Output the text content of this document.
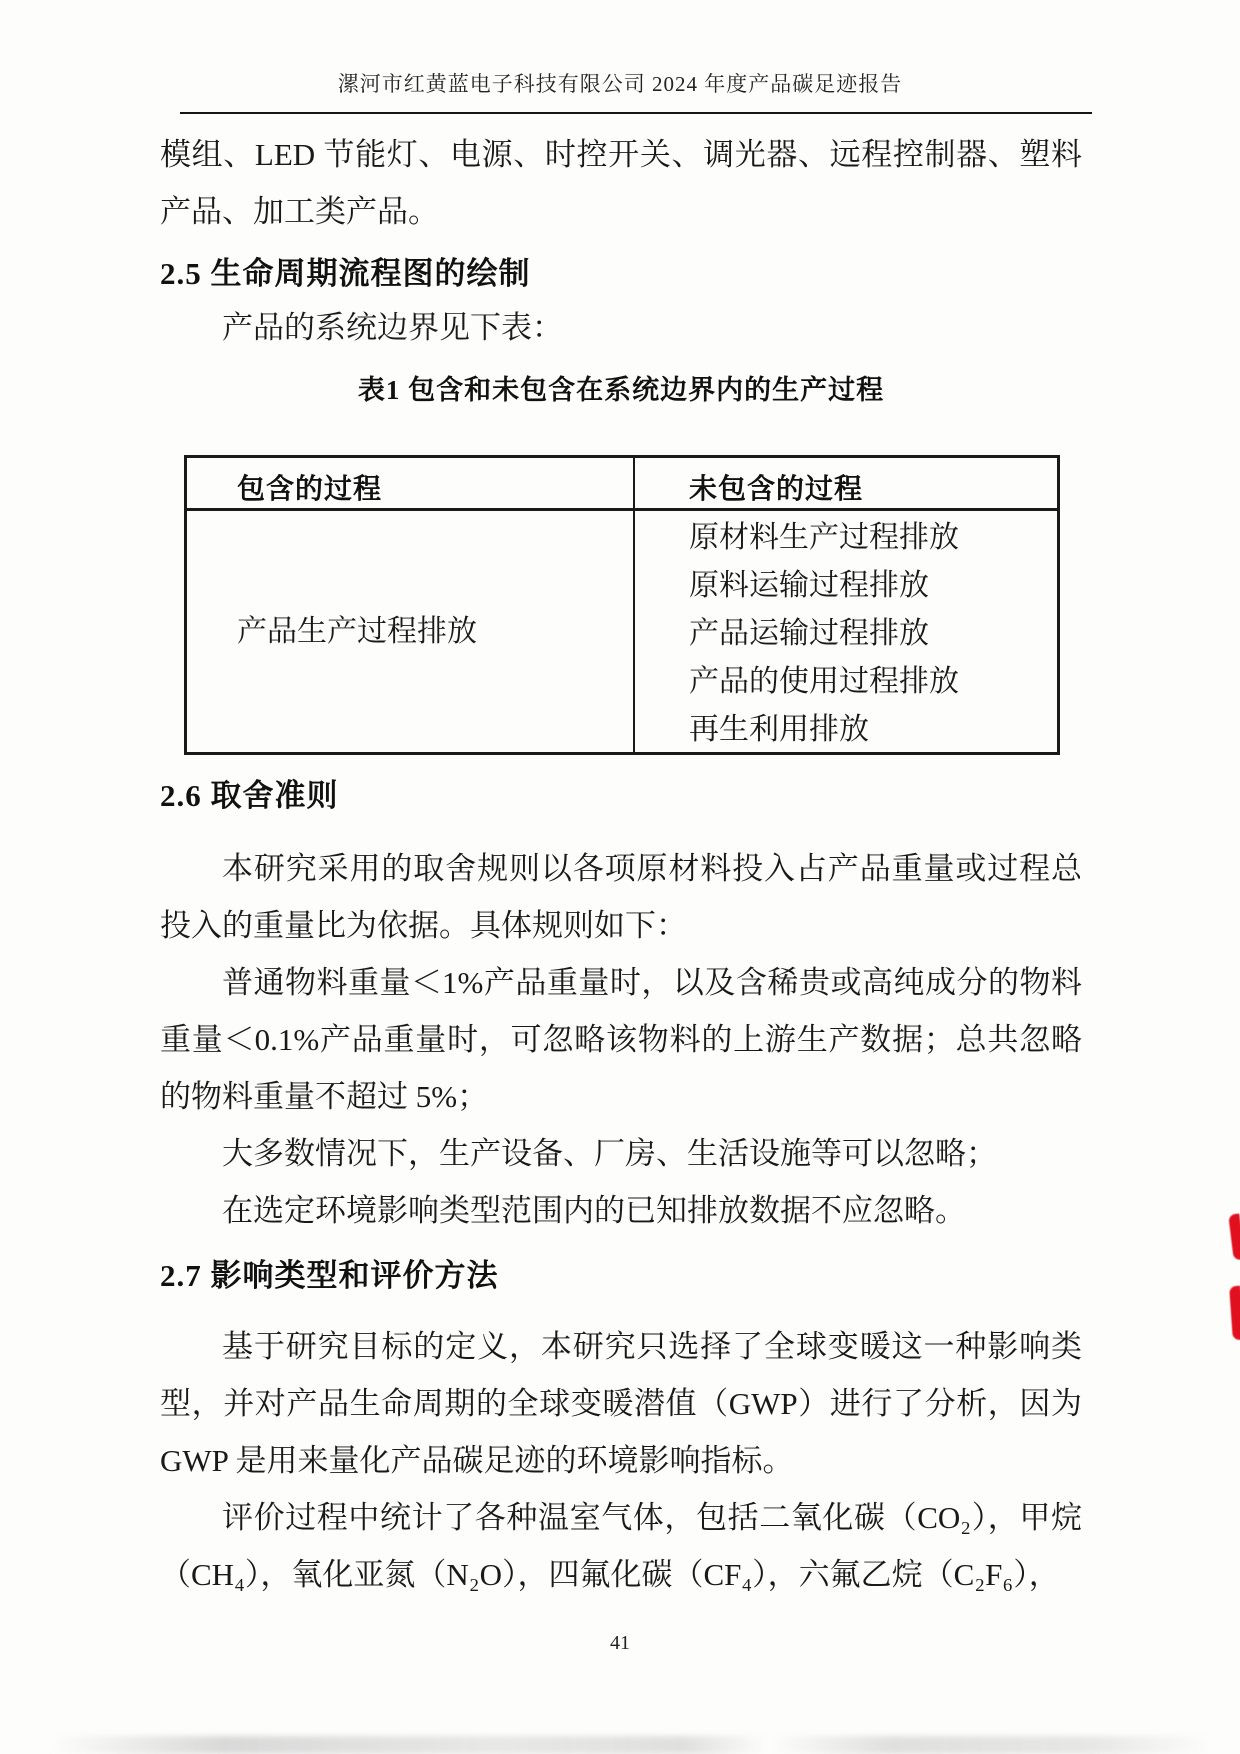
漯河市红黄蓝电子科技有限公司 2024 年度产品碳足迹报告

模组、LED 节能灯、电源、时控开关、调光器、远程控制器、塑料产品、加工类产品。

2.5 生命周期流程图的绘制
产品的系统边界见下表：
表1 包含和未包含在系统边界内的生产过程
包含的过程	未包含的过程
产品生产过程排放
原材料生产过程排放
原料运输过程排放
产品运输过程排放
产品的使用过程排放
再生利用排放
2.6 取舍准则

本研究采用的取舍规则以各项原材料投入占产品重量或过程总投入的重量比为依据。具体规则如下：

普通物料重量＜1%产品重量时，以及含稀贵或高纯成分的物料重量＜0.1%产品重量时，可忽略该物料的上游生产数据；总共忽略的物料重量不超过 5%；

大多数情况下，生产设备、厂房、生活设施等可以忽略；

在选定环境影响类型范围内的已知排放数据不应忽略。

2.7 影响类型和评价方法

基于研究目标的定义，本研究只选择了全球变暖这一种影响类型，并对产品生命周期的全球变暖潜值（GWP）进行了分析，因为 GWP 是用来量化产品碳足迹的环境影响指标。

评价过程中统计了各种温室气体，包括二氧化碳（CO₂），甲烷（CH₄），氧化亚氮（N₂O），四氟化碳（CF₄），六氟乙烷（C₂F₆），

41
